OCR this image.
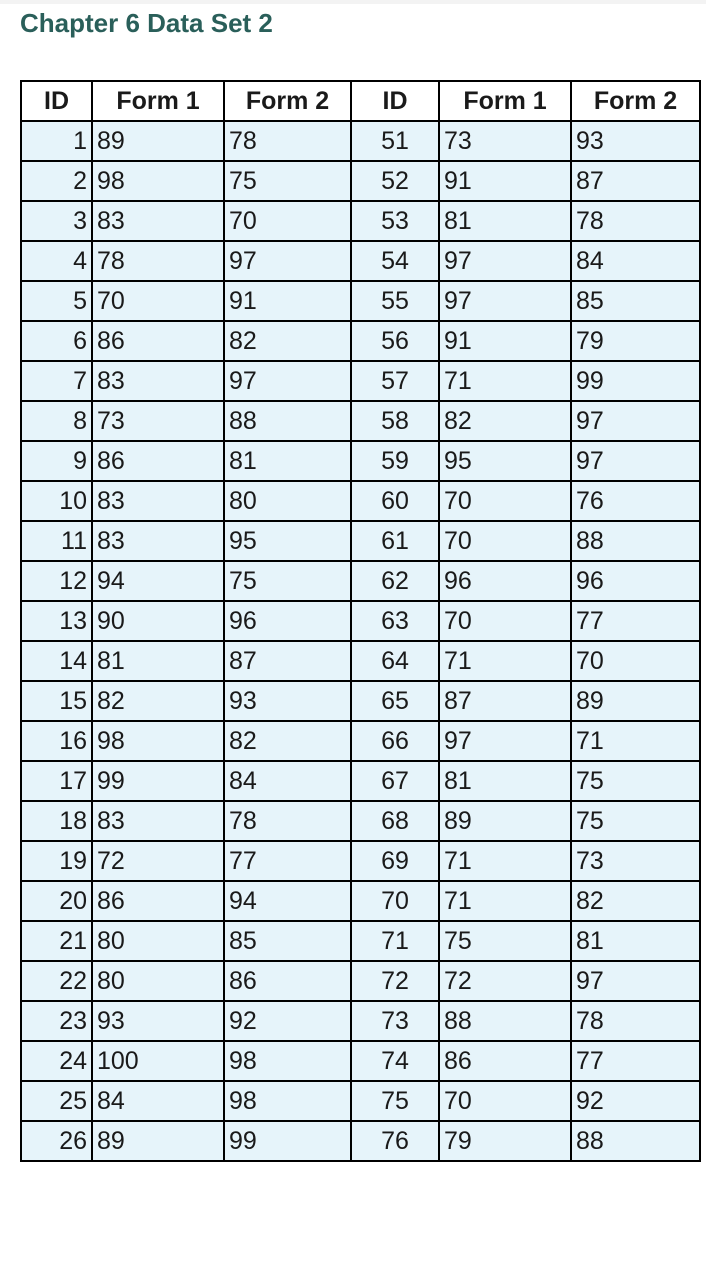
Chapter 6 Data Set 2
ID	Form 1	Form 2	ID	Form 1	Form 2
1	89	78	51	73	93
2	98	75	52	91	87
3	83	70	53	81	78
4	78	97	54	97	84
5	70	91	55	97	85
6	86	82	56	91	79
7	83	97	57	71	99
8	73	88	58	82	97
9	86	81	59	95	97
10	83	80	60	70	76
11	83	95	61	70	88
12	94	75	62	96	96
13	90	96	63	70	77
14	81	87	64	71	70
15	82	93	65	87	89
16	98	82	66	97	71
17	99	84	67	81	75
18	83	78	68	89	75
19	72	77	69	71	73
20	86	94	70	71	82
21	80	85	71	75	81
22	80	86	72	72	97
23	93	92	73	88	78
24	100	98	74	86	77
25	84	98	75	70	92
26	89	99	76	79	88
